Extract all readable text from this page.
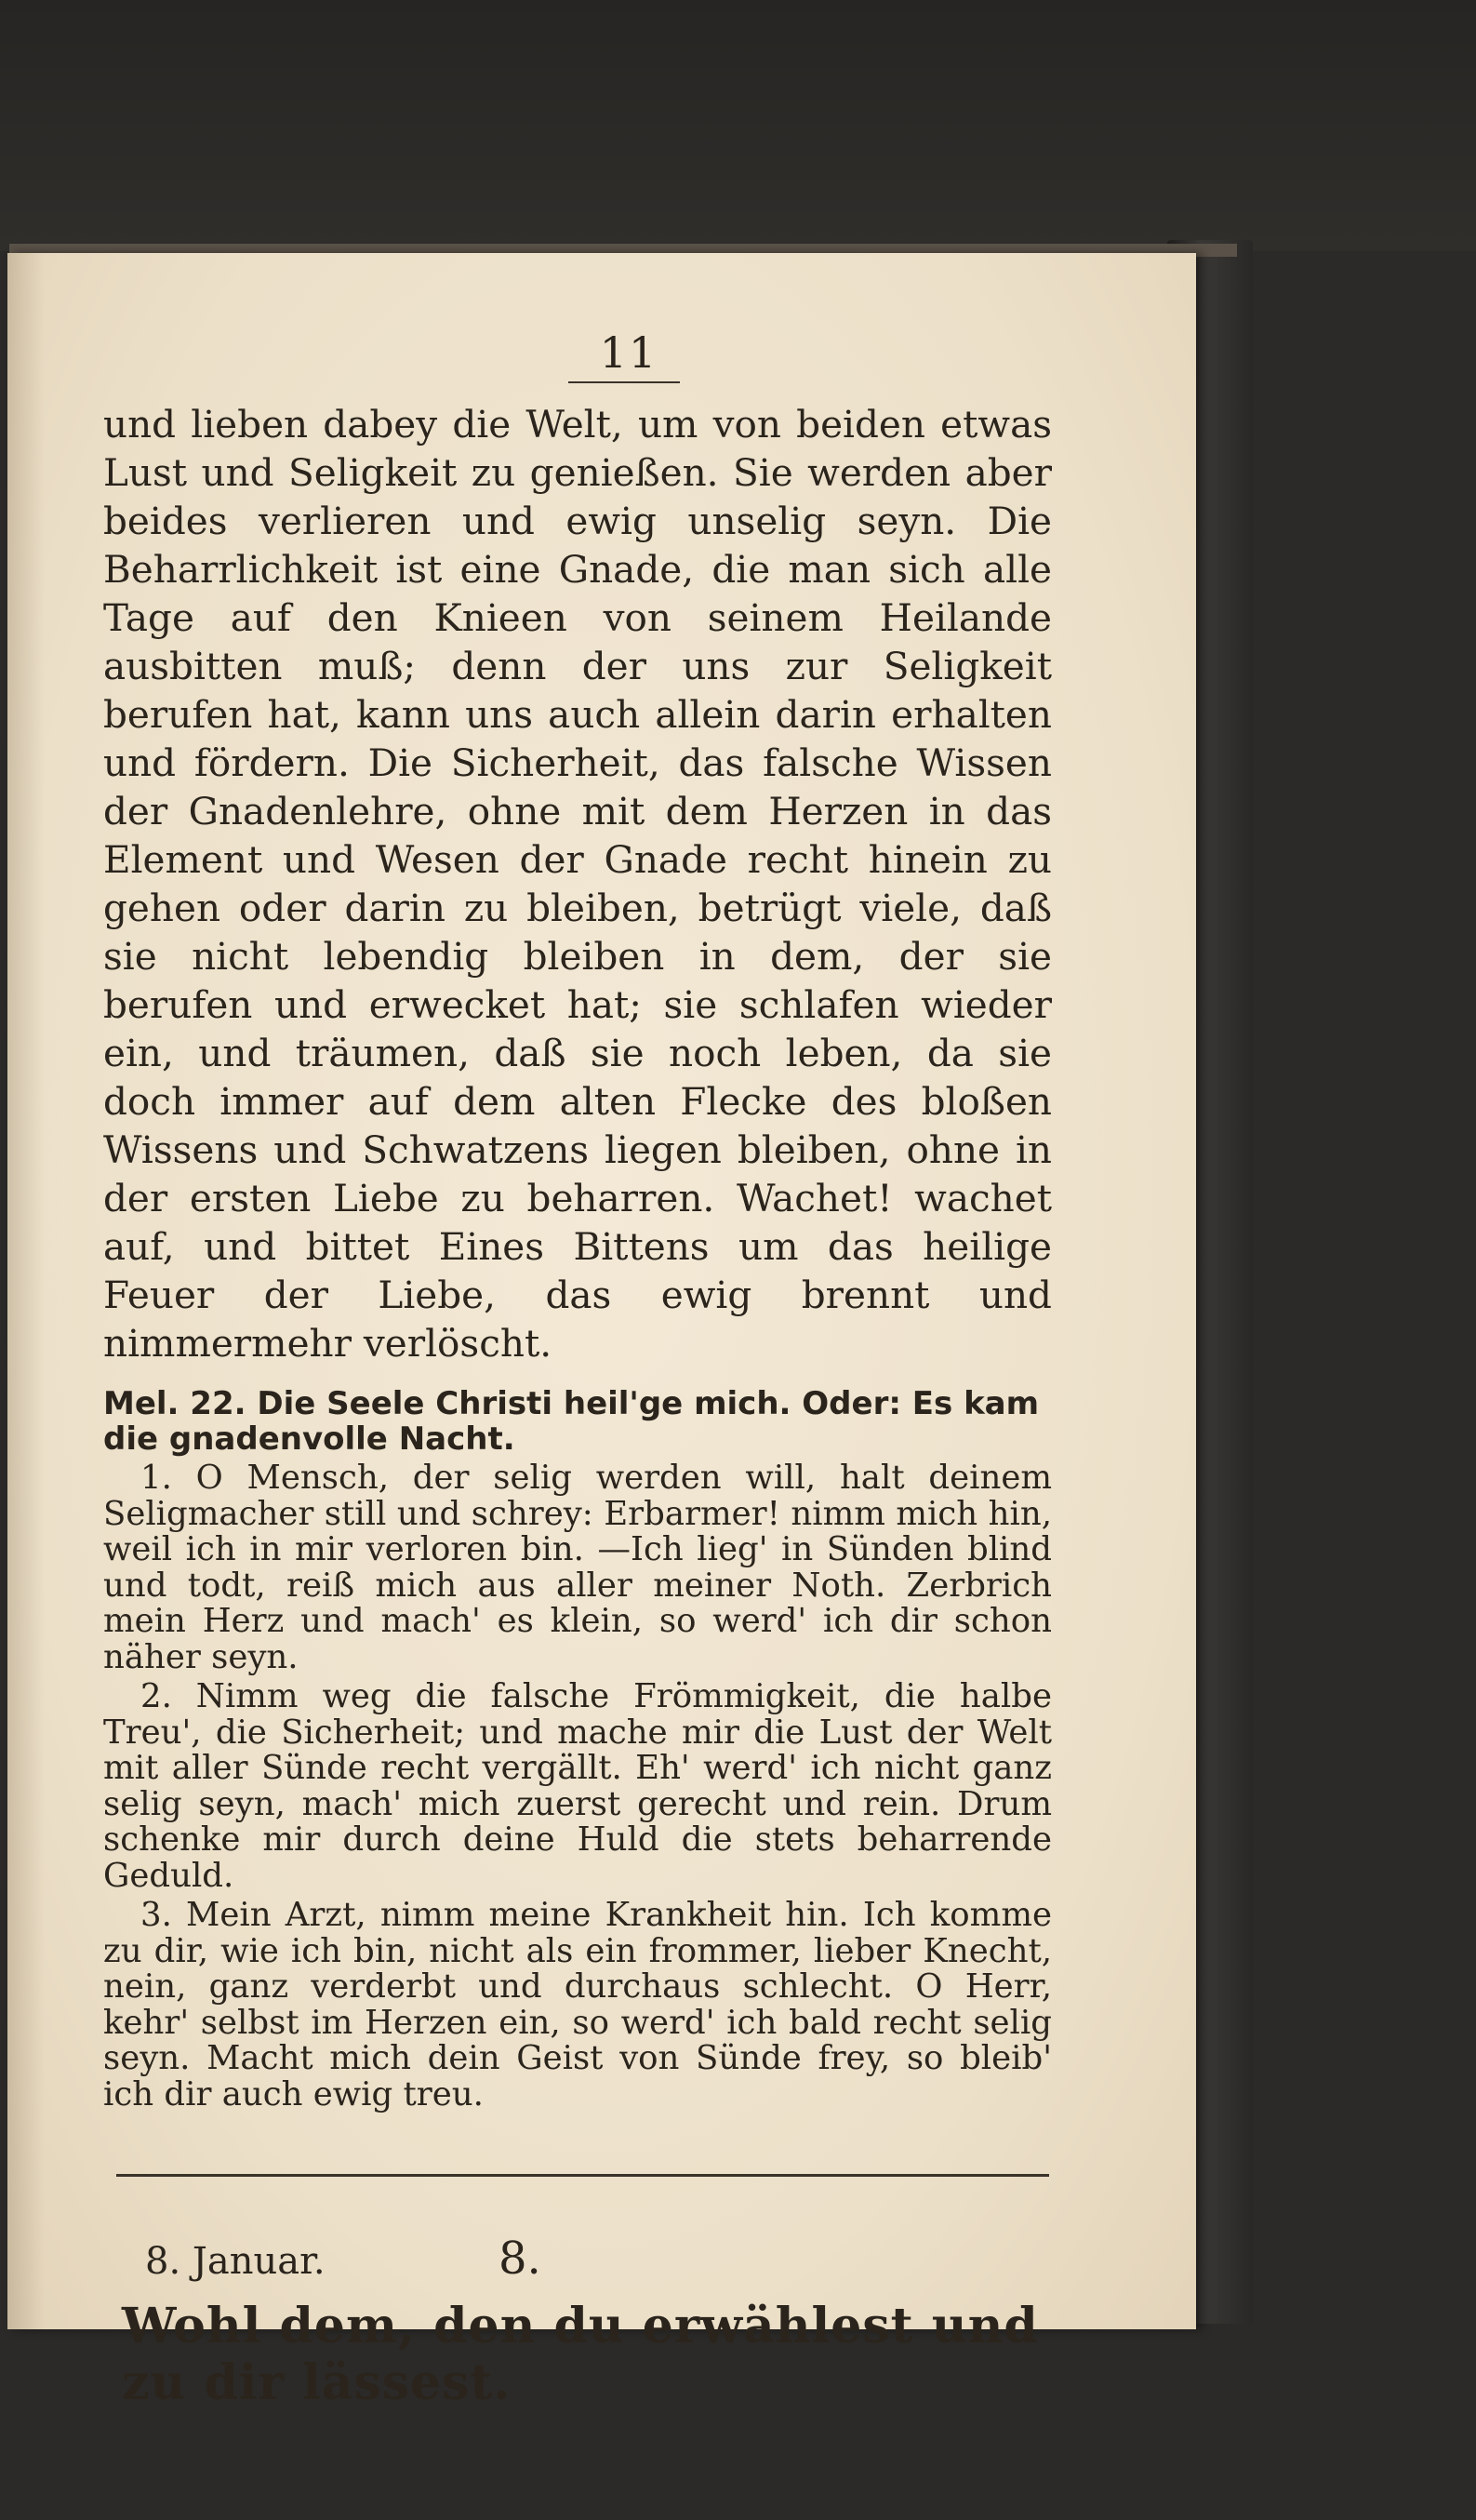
11

und lieben dabey die Welt, um von beiden etwas Lust und Seligkeit zu genießen. Sie werden aber beides verlieren und ewig unselig seyn. Die Beharrlichkeit ist eine Gnade, die man sich alle Tage auf den Knieen von seinem Heilande ausbitten muß; denn der uns zur Seligkeit berufen hat, kann uns auch allein darin erhalten und fördern. Die Sicherheit, das falsche Wissen der Gnadenlehre, ohne mit dem Herzen in das Element und Wesen der Gnade recht hinein zu gehen oder darin zu bleiben, betrügt viele, daß sie nicht lebendig bleiben in dem, der sie berufen und erwecket hat; sie schlafen wieder ein, und träumen, daß sie noch leben, da sie doch immer auf dem alten Flecke des bloßen Wissens und Schwatzens liegen bleiben, ohne in der ersten Liebe zu beharren. Wachet! wachet auf, und bittet Eines Bittens um das heilige Feuer der Liebe, das ewig brennt und nimmermehr verlöscht.

Mel. 22. Die Seele Christi heil'ge mich. Oder: Es kam die gnadenvolle Nacht.

1. O Mensch, der selig werden will, halt deinem Seligmacher still und schrey: Erbarmer! nimm mich hin, weil ich in mir verloren bin. —Ich lieg' in Sünden blind und todt, reiß mich aus aller meiner Noth. Zerbrich mein Herz und mach' es klein, so werd' ich dir schon näher seyn.

2. Nimm weg die falsche Frömmigkeit, die halbe Treu', die Sicherheit; und mache mir die Lust der Welt mit aller Sünde recht vergällt. Eh' werd' ich nicht ganz selig seyn, mach' mich zuerst gerecht und rein. Drum schenke mir durch deine Huld die stets beharrende Geduld.

3. Mein Arzt, nimm meine Krankheit hin. Ich komme zu dir, wie ich bin, nicht als ein frommer, lieber Knecht, nein, ganz verderbt und durchaus schlecht. O Herr, kehr' selbst im Herzen ein, so werd' ich bald recht selig seyn. Macht mich dein Geist von Sünde frey, so bleib' ich dir auch ewig treu.

8. Januar.	8.
Wohl dem, den du erwählest und zu dir lässest.
